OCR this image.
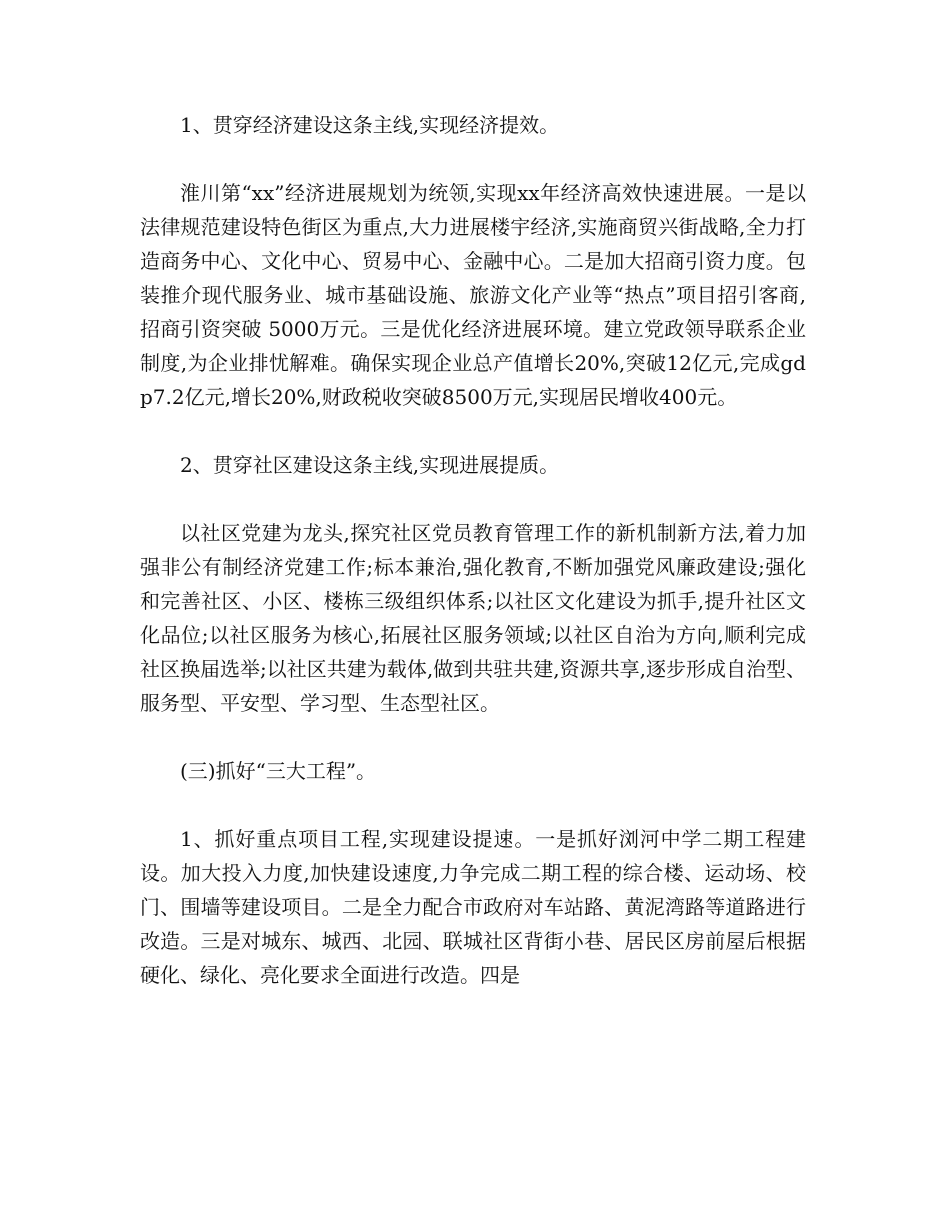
1、贯穿经济建设这条主线,实现经济提效。

淮川第“xx”经济进展规划为统领,实现xx年经济高效快速进展。一是以法律规范建设特色街区为重点,大力进展楼宇经济,实施商贸兴街战略,全力打造商务中心、文化中心、贸易中心、金融中心。二是加大招商引资力度。包装推介现代服务业、城市基础设施、旅游文化产业等“热点”项目招引客商,招商引资突破 5000万元。三是优化经济进展环境。建立党政领导联系企业制度,为企业排忧解难。确保实现企业总产值增长20%,突破12亿元,完成gdp7.2亿元,增长20%,财政税收突破8500万元,实现居民增收400元。

2、贯穿社区建设这条主线,实现进展提质。

以社区党建为龙头,探究社区党员教育管理工作的新机制新方法,着力加强非公有制经济党建工作;标本兼治,强化教育,不断加强党风廉政建设;强化和完善社区、小区、楼栋三级组织体系;以社区文化建设为抓手,提升社区文化品位;以社区服务为核心,拓展社区服务领域;以社区自治为方向,顺利完成社区换届选举;以社区共建为载体,做到共驻共建,资源共享,逐步形成自治型、服务型、平安型、学习型、生态型社区。

(三)抓好“三大工程”。

1、抓好重点项目工程,实现建设提速。一是抓好浏河中学二期工程建设。加大投入力度,加快建设速度,力争完成二期工程的综合楼、运动场、校门、围墙等建设项目。二是全力配合市政府对车站路、黄泥湾路等道路进行改造。三是对城东、城西、北园、联城社区背街小巷、居民区房前屋后根据硬化、绿化、亮化要求全面进行改造。四是
